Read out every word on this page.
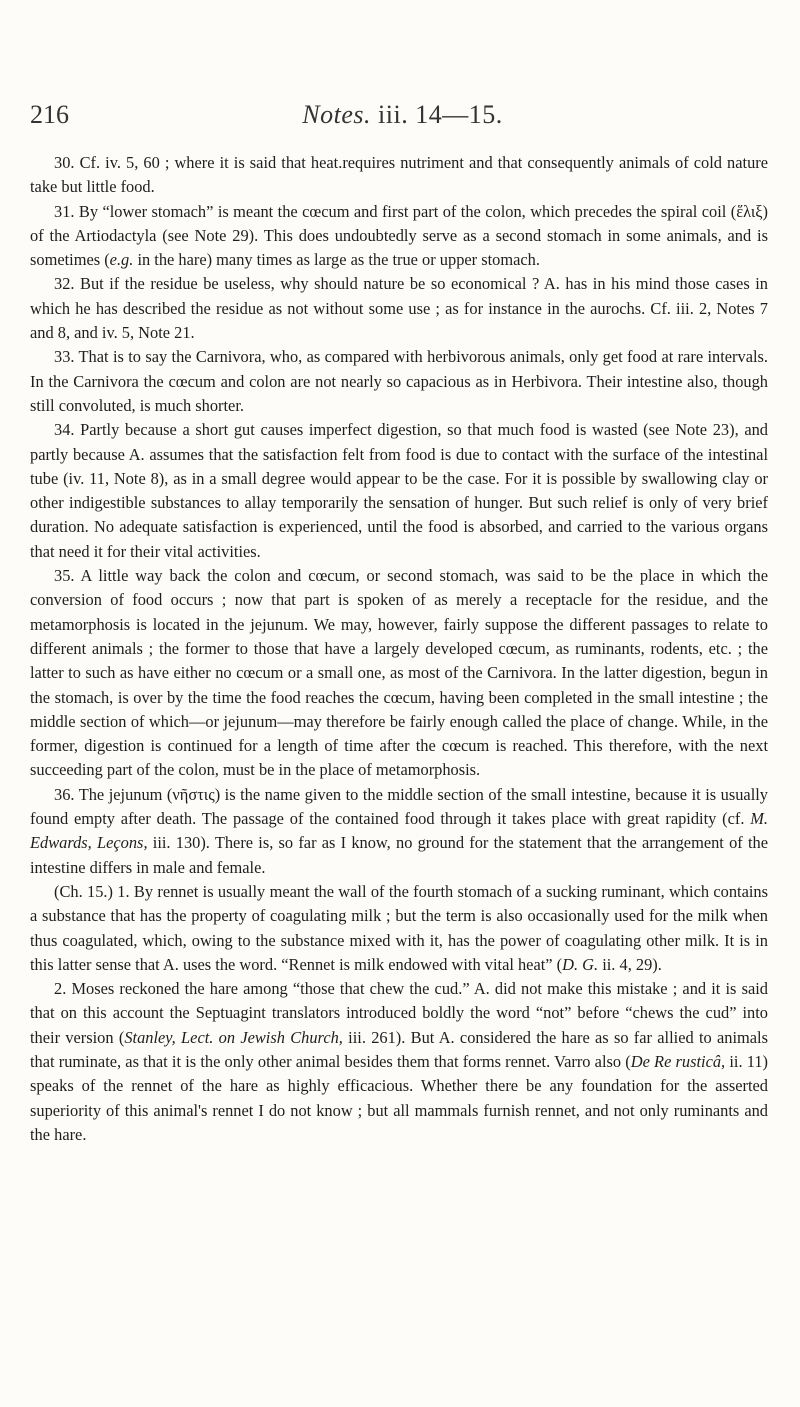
216	Notes. iii. 14—15.

30. Cf. iv. 5, 60 ; where it is said that heat.requires nutriment and that consequently animals of cold nature take but little food.

31. By “lower stomach” is meant the cœcum and first part of the colon, which precedes the spiral coil (ἕλιξ) of the Artiodactyla (see Note 29). This does undoubtedly serve as a second stomach in some animals, and is sometimes (e.g. in the hare) many times as large as the true or upper stomach.

32. But if the residue be useless, why should nature be so economical ? A. has in his mind those cases in which he has described the residue as not without some use ; as for instance in the aurochs. Cf. iii. 2, Notes 7 and 8, and iv. 5, Note 21.

33. That is to say the Carnivora, who, as compared with herbivorous animals, only get food at rare intervals. In the Carnivora the cœcum and colon are not nearly so capacious as in Herbivora. Their intestine also, though still convoluted, is much shorter.

34. Partly because a short gut causes imperfect digestion, so that much food is wasted (see Note 23), and partly because A. assumes that the satisfaction felt from food is due to contact with the surface of the intestinal tube (iv. 11, Note 8), as in a small degree would appear to be the case. For it is possible by swallowing clay or other indigestible substances to allay temporarily the sensation of hunger. But such relief is only of very brief duration. No adequate satisfaction is experienced, until the food is absorbed, and carried to the various organs that need it for their vital activities.

35. A little way back the colon and cœcum, or second stomach, was said to be the place in which the conversion of food occurs ; now that part is spoken of as merely a receptacle for the residue, and the metamorphosis is located in the jejunum. We may, however, fairly suppose the different passages to relate to different animals ; the former to those that have a largely developed cœcum, as ruminants, rodents, etc. ; the latter to such as have either no cœcum or a small one, as most of the Carnivora. In the latter digestion, begun in the stomach, is over by the time the food reaches the cœcum, having been completed in the small intestine ; the middle section of which—or jejunum—may therefore be fairly enough called the place of change. While, in the former, digestion is continued for a length of time after the cœcum is reached. This therefore, with the next succeeding part of the colon, must be in the place of metamorphosis.

36. The jejunum (νῆστις) is the name given to the middle section of the small intestine, because it is usually found empty after death. The passage of the contained food through it takes place with great rapidity (cf. M. Edwards, Leçons, iii. 130). There is, so far as I know, no ground for the statement that the arrangement of the intestine differs in male and female.

(Ch. 15.) 1. By rennet is usually meant the wall of the fourth stomach of a sucking ruminant, which contains a substance that has the property of coagulating milk ; but the term is also occasionally used for the milk when thus coagulated, which, owing to the substance mixed with it, has the power of coagulating other milk. It is in this latter sense that A. uses the word. “Rennet is milk endowed with vital heat” (D. G. ii. 4, 29).

2. Moses reckoned the hare among “those that chew the cud.” A. did not make this mistake ; and it is said that on this account the Septuagint translators introduced boldly the word “not” before “chews the cud” into their version (Stanley, Lect. on Jewish Church, iii. 261). But A. considered the hare as so far allied to animals that ruminate, as that it is the only other animal besides them that forms rennet. Varro also (De Re rusticâ, ii. 11) speaks of the rennet of the hare as highly efficacious. Whether there be any foundation for the asserted superiority of this animal's rennet I do not know ; but all mammals furnish rennet, and not only ruminants and the hare.
